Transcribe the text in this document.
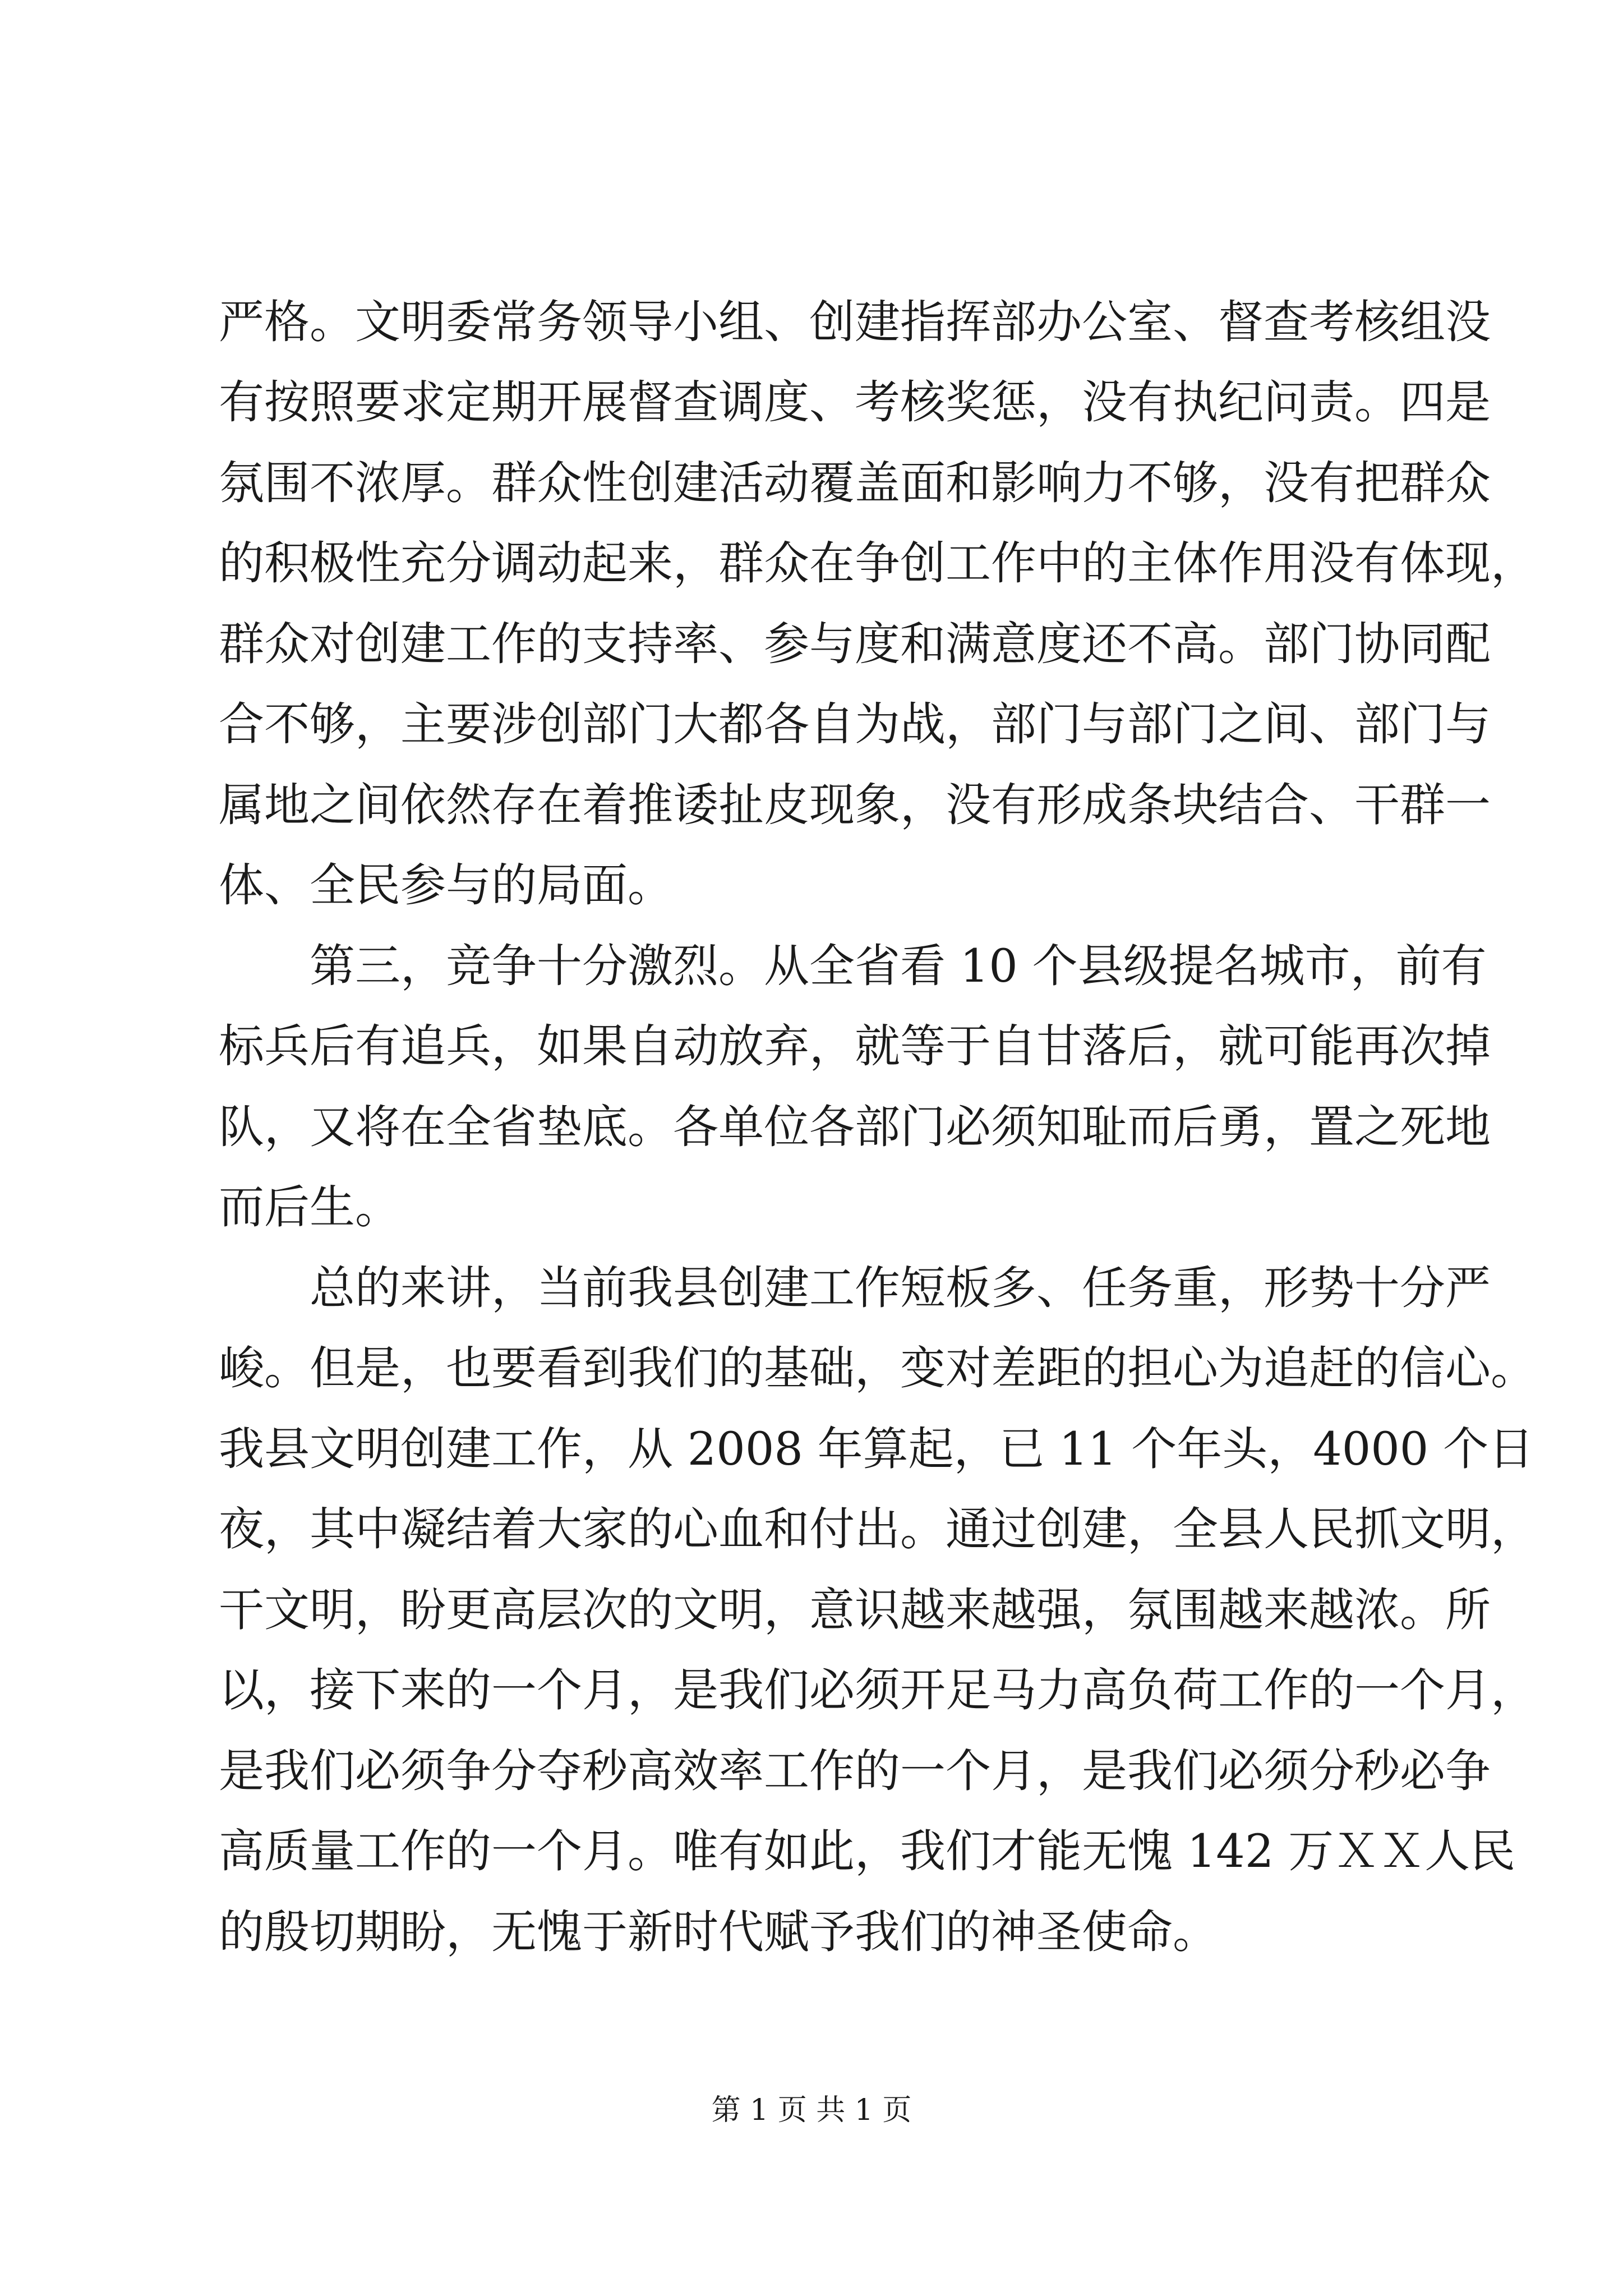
严格。文明委常务领导小组、创建指挥部办公室、督查考核组没
有按照要求定期开展督查调度、考核奖惩，没有执纪问责。四是
氛围不浓厚。群众性创建活动覆盖面和影响力不够，没有把群众
的积极性充分调动起来，群众在争创工作中的主体作用没有体现，
群众对创建工作的支持率、参与度和满意度还不高。部门协同配
合不够，主要涉创部门大都各自为战，部门与部门之间、部门与
属地之间依然存在着推诿扯皮现象，没有形成条块结合、干群一
体、全民参与的局面。
第三，竞争十分激烈。从全省看 10 个县级提名城市，前有
标兵后有追兵，如果自动放弃，就等于自甘落后，就可能再次掉
队，又将在全省垫底。各单位各部门必须知耻而后勇，置之死地
而后生。
总的来讲，当前我县创建工作短板多、任务重，形势十分严
峻。但是，也要看到我们的基础，变对差距的担心为追赶的信心。
我县文明创建工作，从 2008 年算起，已 11 个年头，4000 个日
夜，其中凝结着大家的心血和付出。通过创建，全县人民抓文明，
干文明，盼更高层次的文明，意识越来越强，氛围越来越浓。所
以，接下来的一个月，是我们必须开足马力高负荷工作的一个月，
是我们必须争分夺秒高效率工作的一个月，是我们必须分秒必争
高质量工作的一个月。唯有如此，我们才能无愧 142 万ＸＸ人民
的殷切期盼，无愧于新时代赋予我们的神圣使命。
第 1 页 共 1 页
